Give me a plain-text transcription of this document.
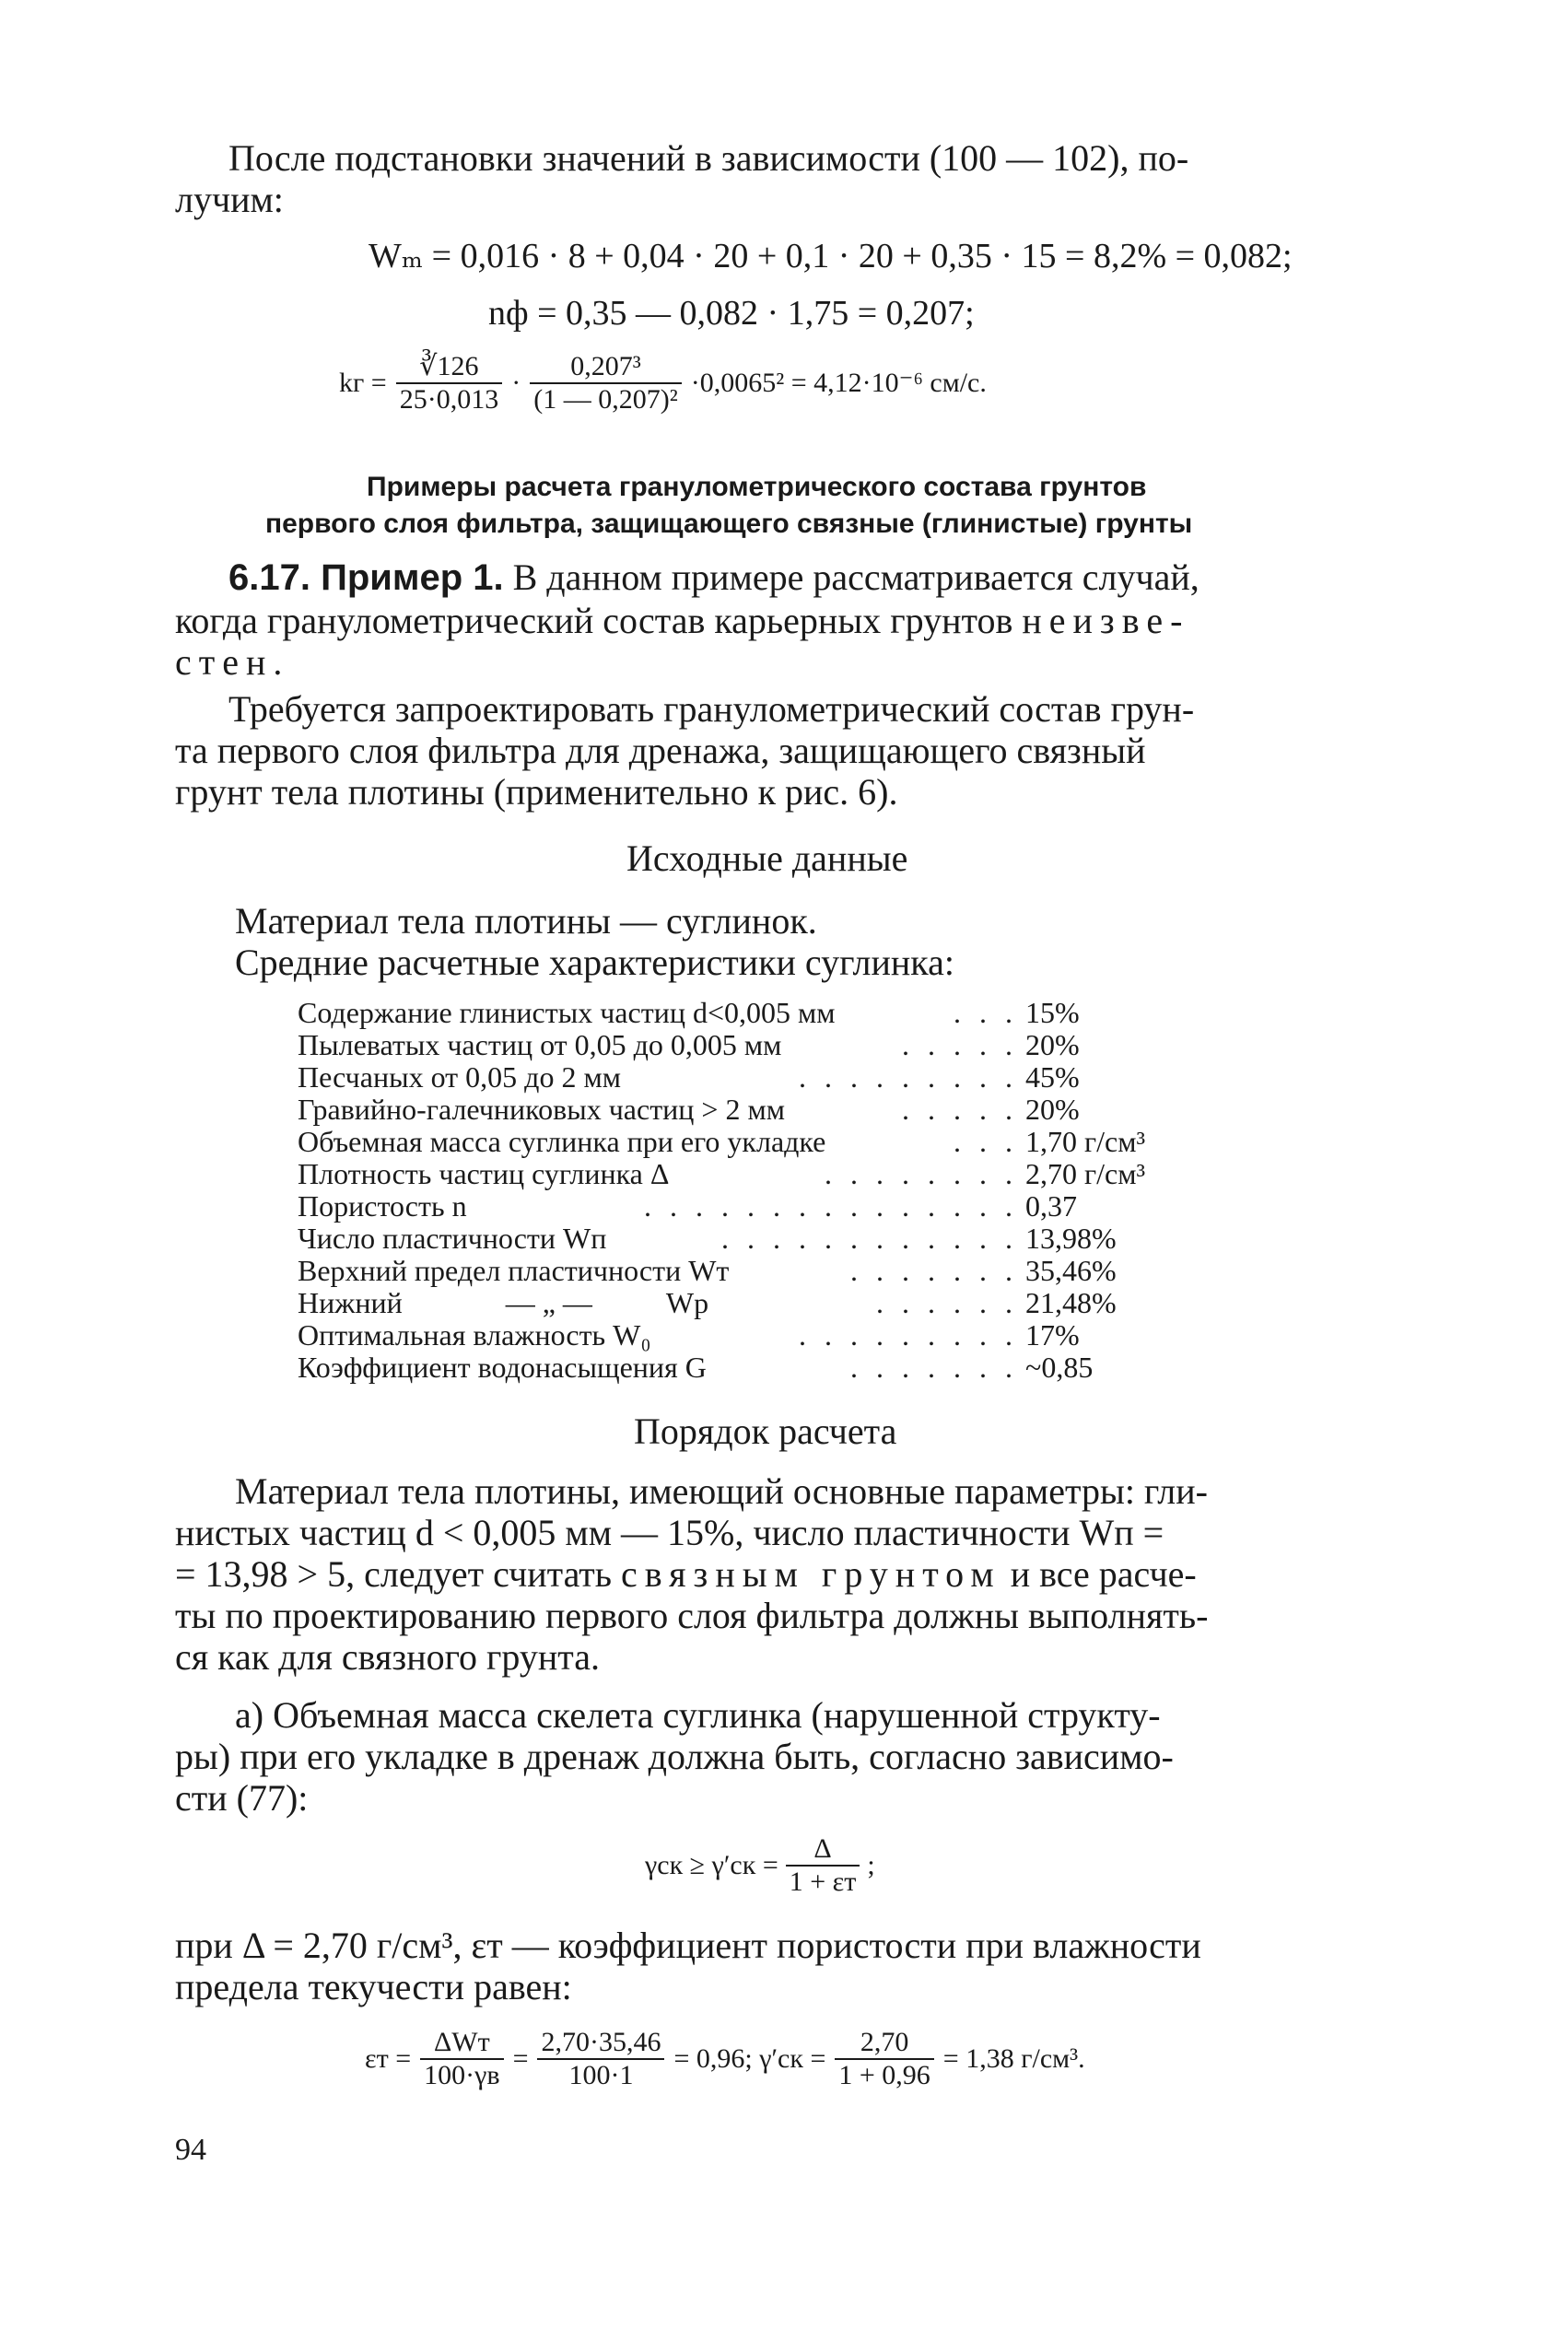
После подстановки значений в зависимости (100 — 102), по-
лучим:
Wₘ = 0,016 · 8 + 0,04 · 20 + 0,1 · 20 + 0,35 · 15 = 8,2% = 0,082;
nф = 0,35 — 0,082 · 1,75 = 0,207;
kг = $\frac{∛126}{25\cdot 0,013} \cdot \frac{\text{0,207³}}{\text{(1 — 0,207)²}} \cdot 0,0065^2 = 4,12\cdot 10^{-6}$ см/с.
Примеры расчета гранулометрического состава грунтов
первого слоя фильтра, защищающего связные (глинистые) грунты
6.17. Пример 1. В данном примере рассматривается случай,
когда гранулометрический состав карьерных грунтов неизве-
стен.
Требуется запроектировать гранулометрический состав грун-
та первого слоя фильтра для дренажа, защищающего связный
грунт тела плотины (применительно к рис. 6).
Исходные данные
Материал тела плотины — суглинок.
Средние расчетные характеристики суглинка:
Содержание глинистых частиц d<0,005 мм	. . . 15%
Пылеватых частиц от 0,05 до 0,005 мм	. . . . . 20%
Песчаных от 0,05 до 2 мм	. . . . . . . . . 45%
Гравийно-галечниковых частиц > 2 мм	. . . . . 20%
Объемная масса суглинка при его укладке	. . . 1,70 г/см³
Плотность частиц суглинка Δ	. . . . . . . . 2,70 г/см³
Пористость n	. . . . . . . . . . . . . . . 0,37
Число пластичности Wп	. . . . . . . . . . . . 13,98%
Верхний предел пластичности Wт	. . . . . . . 35,46%
Нижний              — „ —          Wр	. . . . . . 21,48%
Оптимальная влажность W₀	. . . . . . . . . 17%
Коэффициент водонасыщения G	. . . . . . . ~0,85
Порядок расчета
Материал тела плотины, имеющий основные параметры: гли-
нистых частиц d < 0,005 мм — 15%, число пластичности Wп =
= 13,98 > 5, следует считать связным грунтом и все расче-
ты по проектированию первого слоя фильтра должны выполнять-
ся как для связного грунта.
а) Объемная масса скелета суглинка (нарушенной структу-
ры) при его укладке в дренаж должна быть, согласно зависимо-
сти (77):
$\gamma ск \ge \gamma'ск = \frac{\Delta}{1 + \varepsilon т}$ ;
при Δ = 2,70 г/см³, εт — коэффициент пористости при влажности
предела текучести равен:
$\varepsilon т = \frac{\text{ΔWт}}{100\cdot\gamma в} = \frac{2,70\cdot 35,46}{100\cdot 1} = 0,96$; $\gamma'ск = \frac{2,70}{1 + 0,96} = 1,38$ г/см³.
94
